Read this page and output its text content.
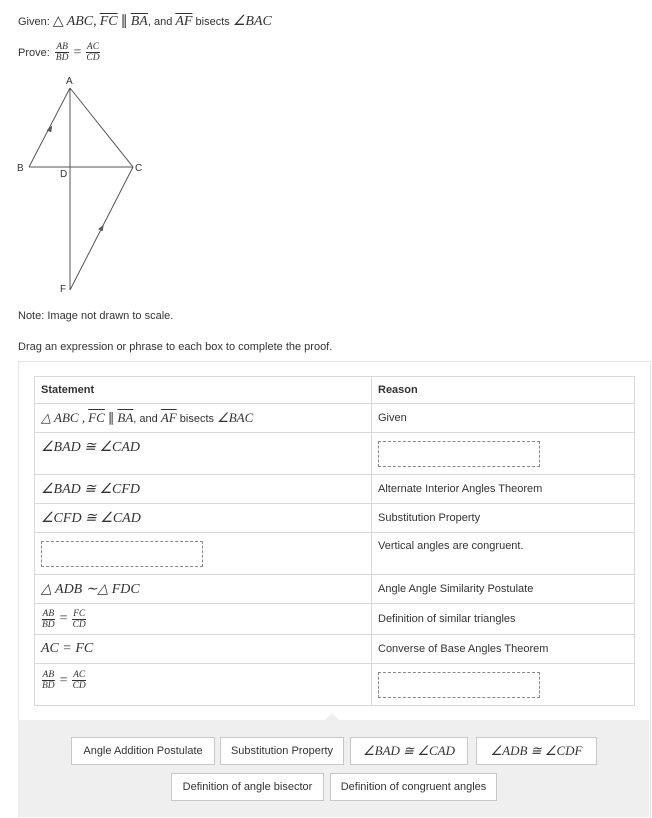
Given: △ ABC, $\overline{FC}$ ∥ $\overline{BA}$, and $\overline{AF}$ bisects ∠BAC
Prove: $\frac{AB}{BD} = \frac{AC}{CD}$
A
B	C
D
F
Note: Image not drawn to scale.
Drag an expression or phrase to each box to complete the proof.
Statement	Reason
△ ABC , $\overline{FC}$ ∥ $\overline{BA}$, and $\overline{AF}$ bisects ∠BAC	Given
∠BAD ≅ ∠CAD	

∠BAD ≅ ∠CFD	Alternate Interior Angles Theorem
∠CFD ≅ ∠CAD	Substitution Property

	Vertical angles are congruent.
△ ADB ∼△ FDC	Angle Angle Similarity Postulate

$\frac{AB}{BD} = \frac{FC}{CD}$	Definition of similar triangles
AC = FC	Converse of Base Angles Theorem

$\frac{AB}{BD} = \frac{AC}{CD}$

Angle Addition Postulate	Substitution Property	∠BAD ≅ ∠CAD	∠ADB ≅ ∠CDF
Definition of angle bisector	Definition of congruent angles
